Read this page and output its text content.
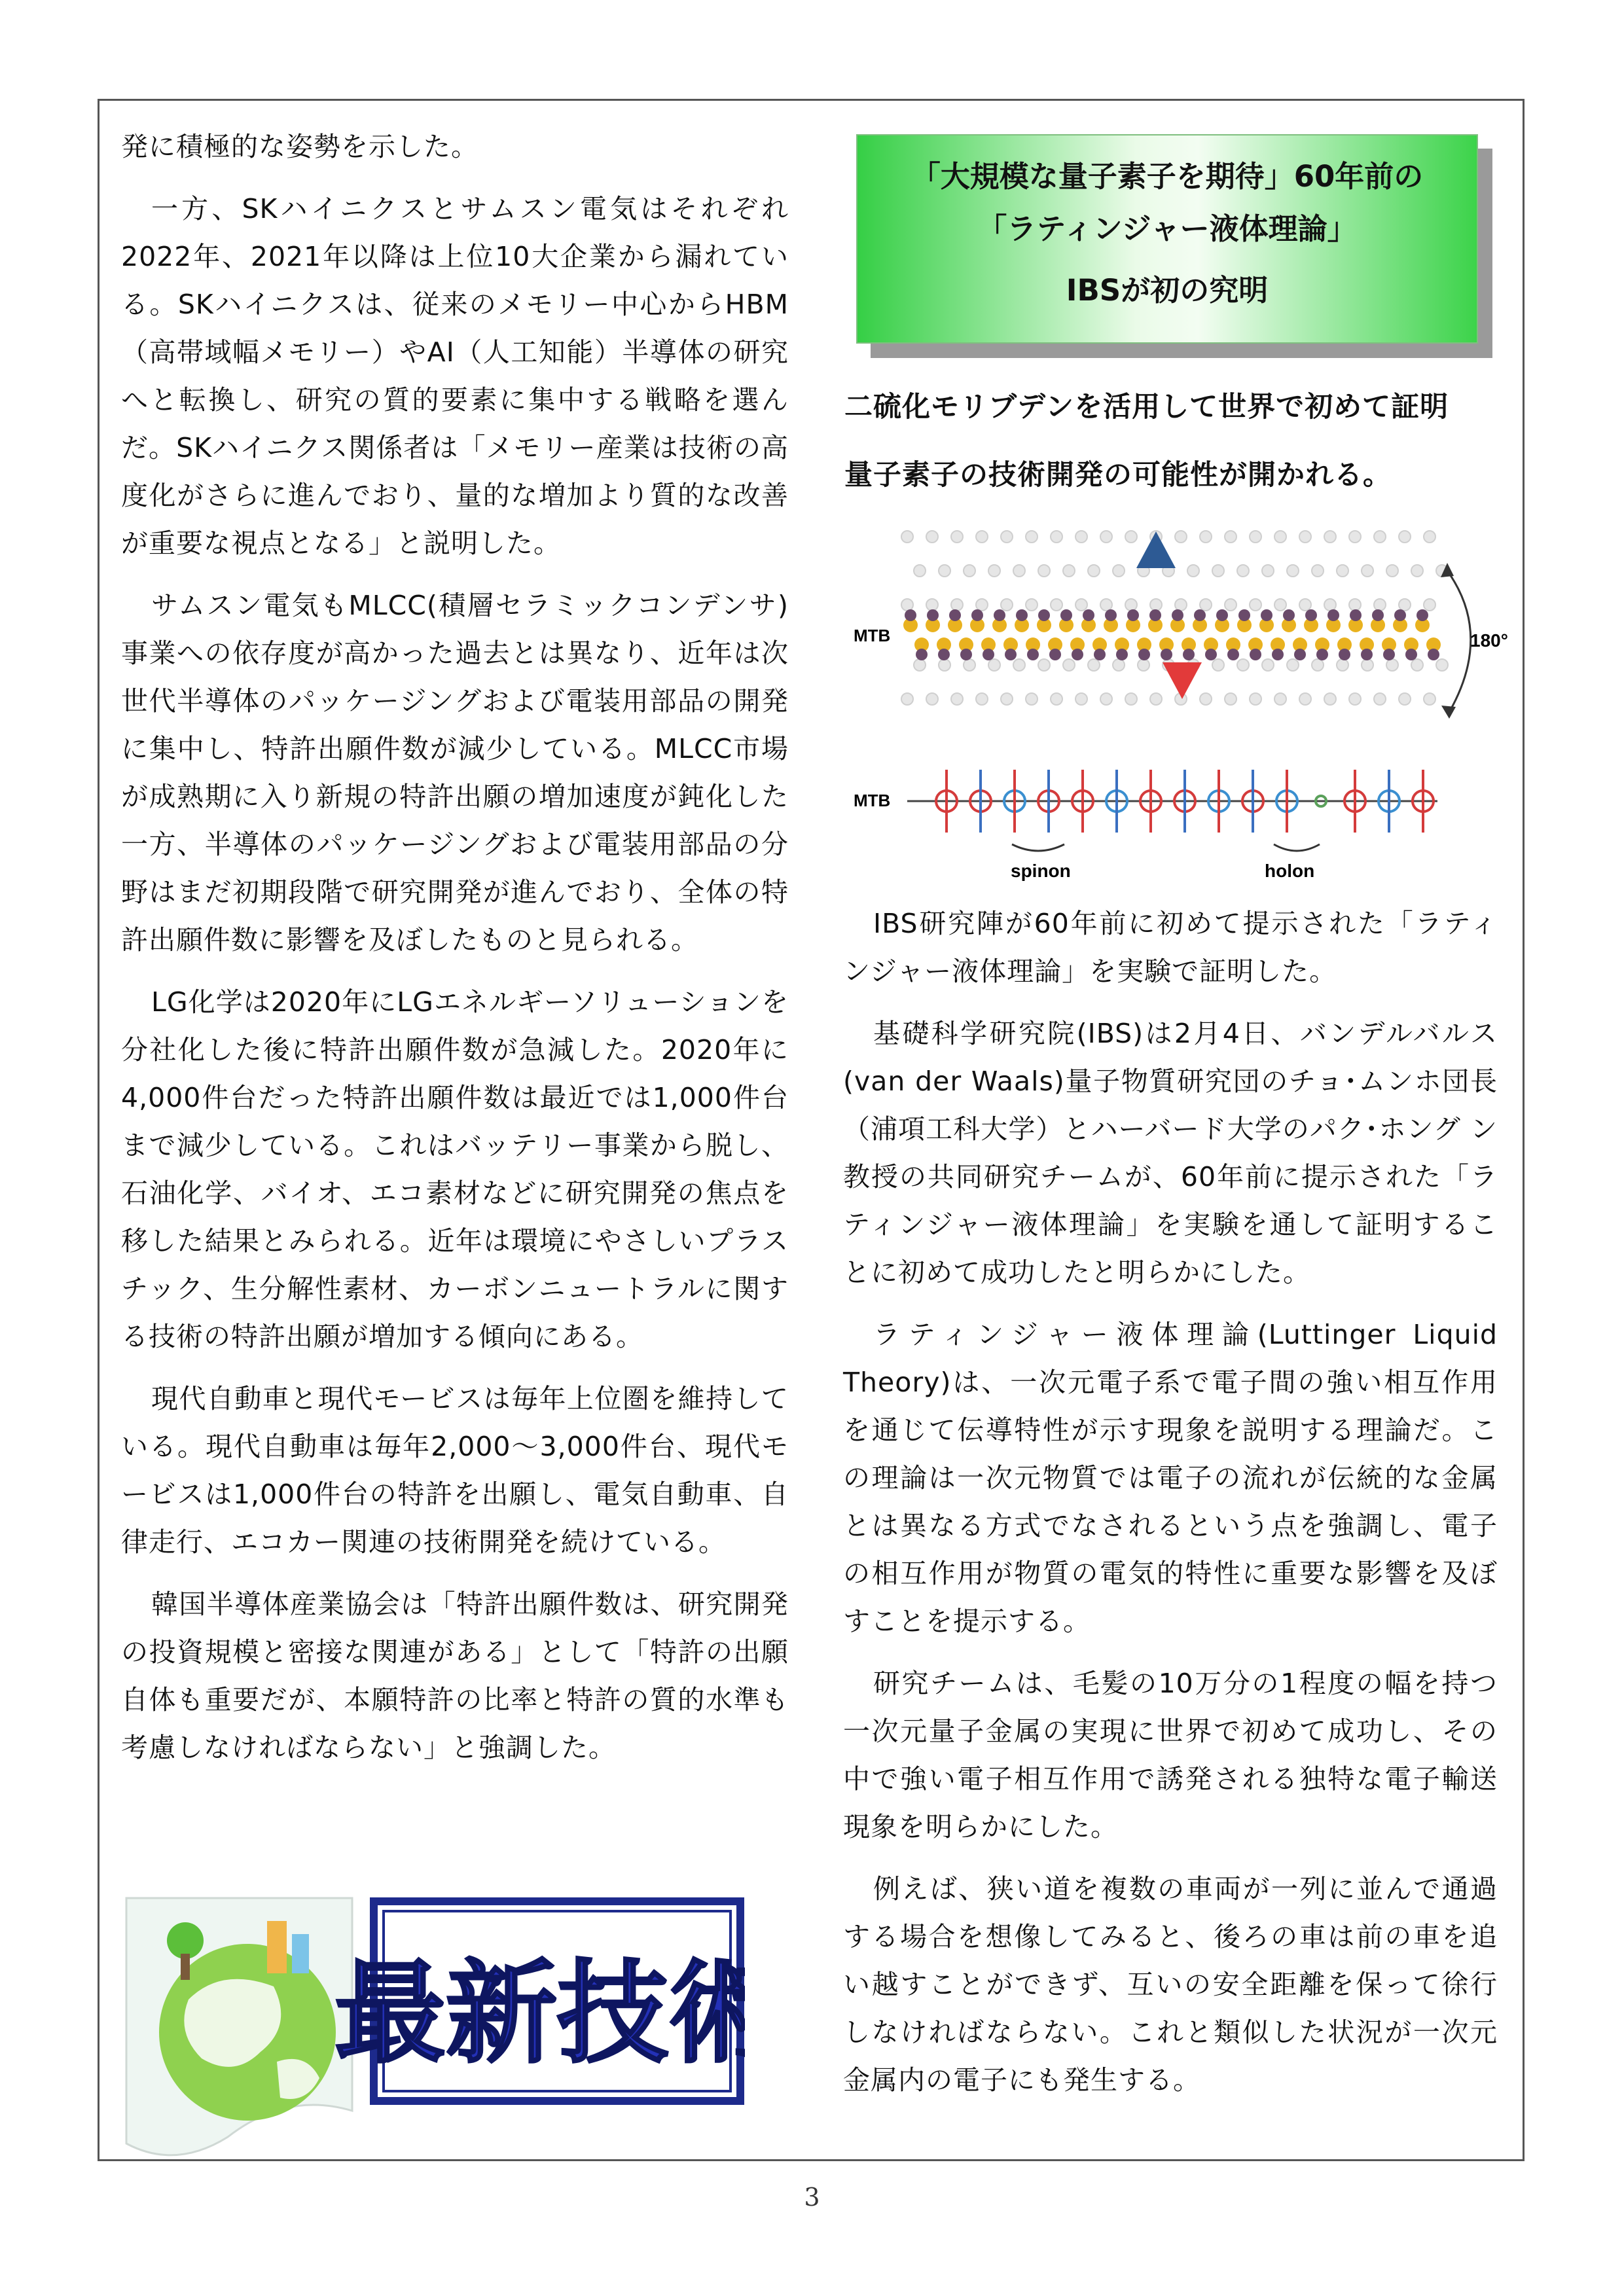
発に積極的な姿勢を示した。

一方、SKハイニクスとサムスン電気はそれぞれ2022年、2021年以降は上位10大企業から漏れている。SKハイニクスは、従来のメモリー中心からHBM（高帯域幅メモリー）やAI（人工知能）半導体の研究へと転換し、研究の質的要素に集中する戦略を選んだ。SKハイニクス関係者は「メモリー産業は技術の高度化がさらに進んでおり、量的な増加より質的な改善が重要な視点となる」と説明した。

サムスン電気もMLCC(積層セラミックコンデンサ)事業への依存度が高かった過去とは異なり、近年は次世代半導体のパッケージングおよび電装用部品の開発に集中し、特許出願件数が減少している。MLCC市場が成熟期に入り新規の特許出願の増加速度が鈍化した一方、半導体のパッケージングおよび電装用部品の分野はまだ初期段階で研究開発が進んでおり、全体の特許出願件数に影響を及ぼしたものと見られる。

LG化学は2020年にLGエネルギーソリューションを分社化した後に特許出願件数が急減した。2020年に4,000件台だった特許出願件数は最近では1,000件台まで減少している。これはバッテリー事業から脱し、石油化学、バイオ、エコ素材などに研究開発の焦点を移した結果とみられる。近年は環境にやさしいプラスチック、生分解性素材、カーボンニュートラルに関する技術の特許出願が増加する傾向にある。

現代自動車と現代モービスは毎年上位圏を維持している。現代自動車は毎年2,000～3,000件台、現代モービスは1,000件台の特許を出願し、電気自動車、自律走行、エコカー関連の技術開発を続けている。

韓国半導体産業協会は「特許出願件数は、研究開発の投資規模と密接な関連がある」として「特許の出願自体も重要だが、本願特許の比率と特許の質的水準も考慮しなければならない」と強調した。

「大規模な量子素子を期待」60年前の
「ラティンジャー液体理論」
IBSが初の究明
二硫化モリブデンを活用して世界で初めて証明
量子素子の技術開発の可能性が開かれる。
180°
MTB
MTB
spinon	holon

IBS研究陣が60年前に初めて提示された「ラティンジャー液体理論」を実験で証明した。

基礎科学研究院(IBS)は2月4日、バンデルバルス(van der Waals)量子物質研究団のチョ･ムンホ団長（浦項工科大学）とハーバード大学のパク･ホング ン教授の共同研究チームが、60年前に提示された「ラティンジャー液体理論」を実験を通して証明することに初めて成功したと明らかにした。

ラティンジャー液体理論(Luttinger Liquid Theory)は、一次元電子系で電子間の強い相互作用を通じて伝導特性が示す現象を説明する理論だ。この理論は一次元物質では電子の流れが伝統的な金属とは異なる方式でなされるという点を強調し、電子の相互作用が物質の電気的特性に重要な影響を及ぼすことを提示する。

研究チームは、毛髪の10万分の1程度の幅を持つ一次元量子金属の実現に世界で初めて成功し、その中で強い電子相互作用で誘発される独特な電子輸送現象を明らかにした。

例えば、狭い道を複数の車両が一列に並んで通過する場合を想像してみると、後ろの車は前の車を追い越すことができず、互いの安全距離を保って徐行しなければならない。これと類似した状況が一次元金属内の電子にも発生する。

最新技術
3
